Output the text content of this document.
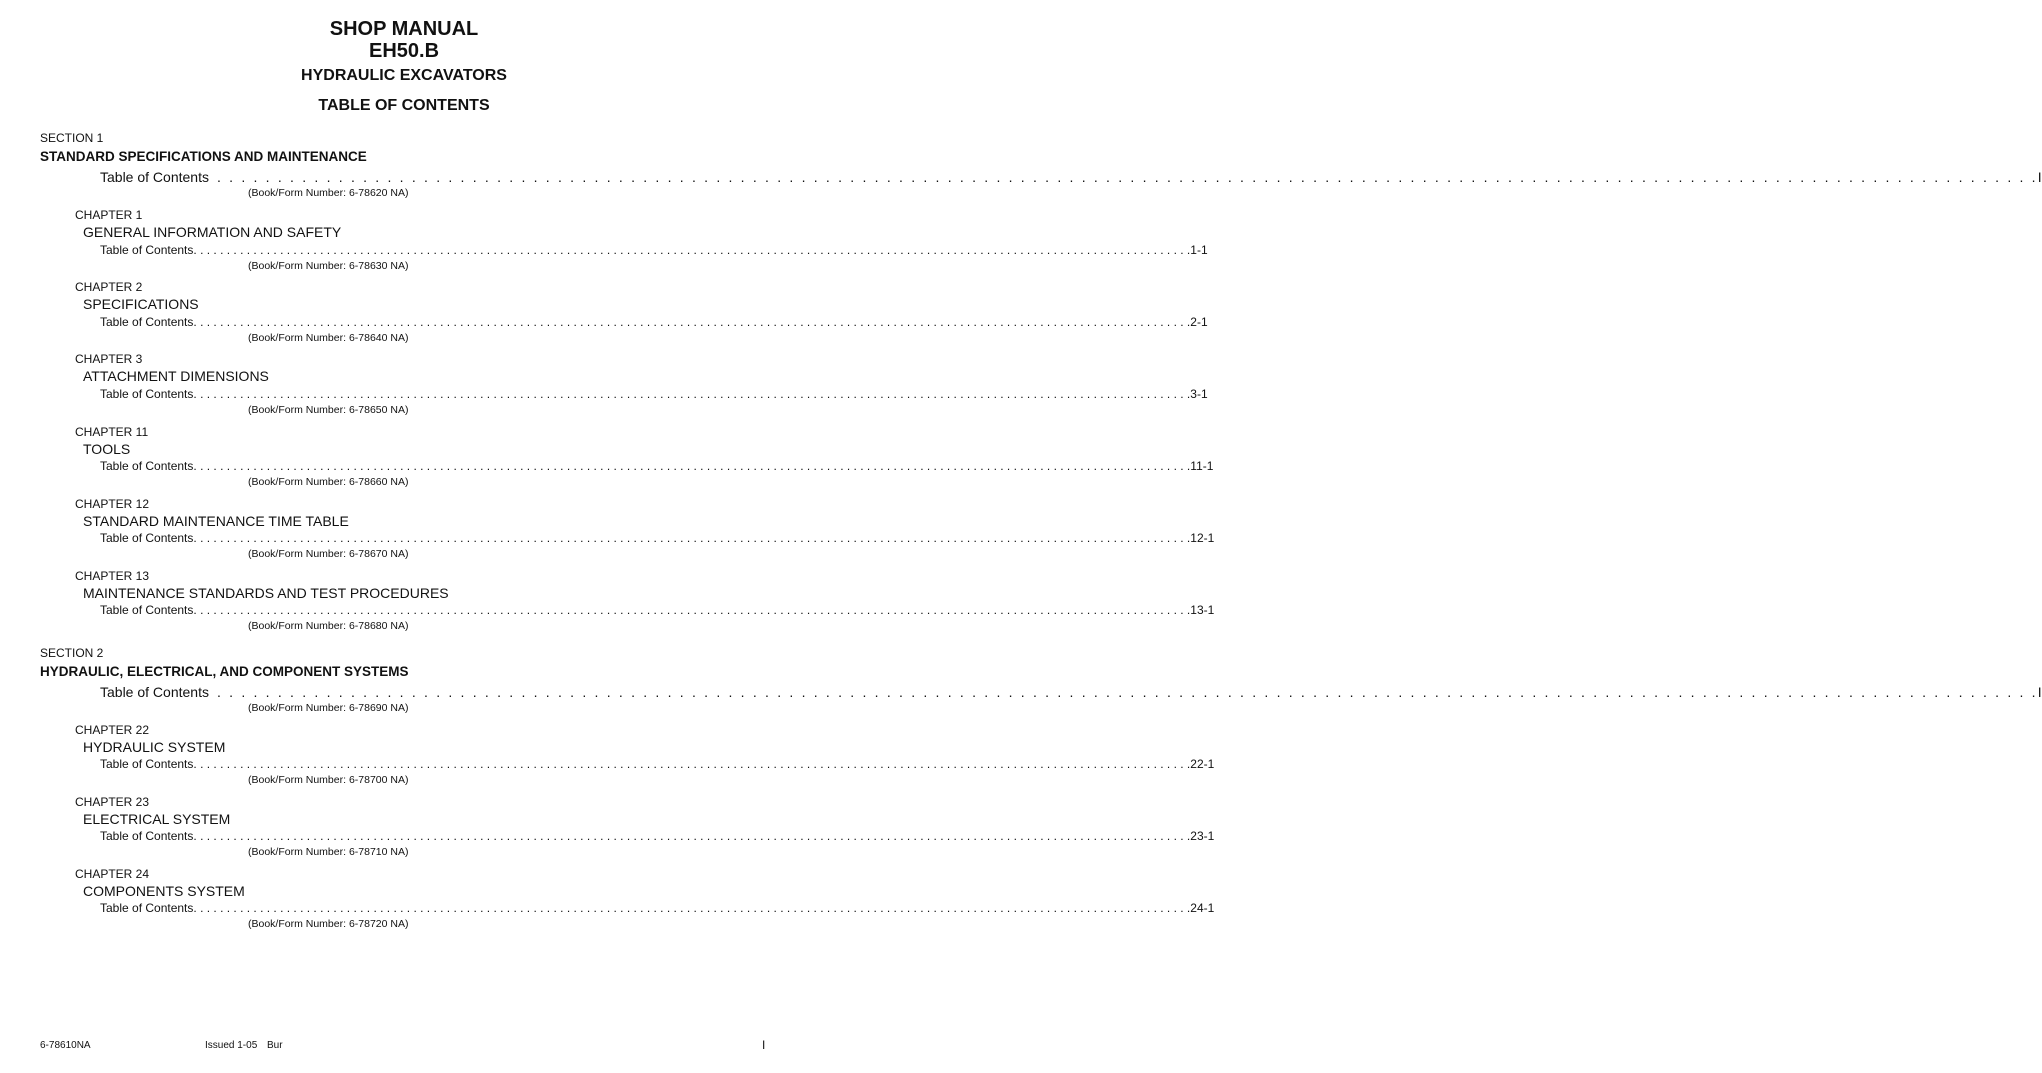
SHOP MANUAL
EH50.B
HYDRAULIC EXCAVATORS
TABLE OF CONTENTS
SECTION 1
STANDARD SPECIFICATIONS AND MAINTENANCE
Table of Contents . . . . . . . . . . . . . . . . . . . . . . . . . . . . . . . . . . . . . . . . . . . . . . . . . . . . . . . . . . . . . . . . . . . . . . . . . . . . . . . . . . . . . . . . . . . . . . . . . . . . . . . . . . . . . . . . . . . . . . . . . . . . . . . . . . . . . . . . . . . . . . . . . . . . . . I
(Book/Form Number: 6-78620 NA)
CHAPTER 1
GENERAL INFORMATION AND SAFETY
Table of Contents . . . . . . . . . . . . . . . . . . . . . . . . . . . . . . . . . . . . . . . . . . . . . . . . . . . . . . . . . . . . . . . . . . . . . . . . . . . . . . . . . . . . . . . . . . . . . . . . . . . . . . . . . . . . . . . . . . . . . . . . . . . . . . . . . . . . . . . . . . . . . . . . . . . . . . 1-1
(Book/Form Number: 6-78630 NA)
CHAPTER 2
SPECIFICATIONS
Table of Contents . . . . . . . . . . . . . . . . . . . . . . . . . . . . . . . . . . . . . . . . . . . . . . . . . . . . . . . . . . . . . . . . . . . . . . . . . . . . . . . . . . . . . . . . . . . . . . . . . . . . . . . . . . . . . . . . . . . . . . . . . . . . . . . . . . . . . . . . . . . . . . . . . . . . . . 2-1
(Book/Form Number: 6-78640 NA)
CHAPTER 3
ATTACHMENT DIMENSIONS
Table of Contents . . . . . . . . . . . . . . . . . . . . . . . . . . . . . . . . . . . . . . . . . . . . . . . . . . . . . . . . . . . . . . . . . . . . . . . . . . . . . . . . . . . . . . . . . . . . . . . . . . . . . . . . . . . . . . . . . . . . . . . . . . . . . . . . . . . . . . . . . . . . . . . . . . . . . . 3-1
(Book/Form Number: 6-78650 NA)
CHAPTER 11
TOOLS
Table of Contents . . . . . . . . . . . . . . . . . . . . . . . . . . . . . . . . . . . . . . . . . . . . . . . . . . . . . . . . . . . . . . . . . . . . . . . . . . . . . . . . . . . . . . . . . . . . . . . . . . . . . . . . . . . . . . . . . . . . . . . . . . . . . . . . . . . . . . . . . . . . . . . . . . . . . . 11-1
(Book/Form Number: 6-78660 NA)
CHAPTER 12
STANDARD MAINTENANCE TIME TABLE
Table of Contents . . . . . . . . . . . . . . . . . . . . . . . . . . . . . . . . . . . . . . . . . . . . . . . . . . . . . . . . . . . . . . . . . . . . . . . . . . . . . . . . . . . . . . . . . . . . . . . . . . . . . . . . . . . . . . . . . . . . . . . . . . . . . . . . . . . . . . . . . . . . . . . . . . . . . . 12-1
(Book/Form Number: 6-78670 NA)
CHAPTER 13
MAINTENANCE STANDARDS AND TEST PROCEDURES
Table of Contents . . . . . . . . . . . . . . . . . . . . . . . . . . . . . . . . . . . . . . . . . . . . . . . . . . . . . . . . . . . . . . . . . . . . . . . . . . . . . . . . . . . . . . . . . . . . . . . . . . . . . . . . . . . . . . . . . . . . . . . . . . . . . . . . . . . . . . . . . . . . . . . . . . . . . . 13-1
(Book/Form Number: 6-78680 NA)
SECTION 2
HYDRAULIC, ELECTRICAL, AND COMPONENT SYSTEMS
Table of Contents . . . . . . . . . . . . . . . . . . . . . . . . . . . . . . . . . . . . . . . . . . . . . . . . . . . . . . . . . . . . . . . . . . . . . . . . . . . . . . . . . . . . . . . . . . . . . . . . . . . . . . . . . . . . . . . . . . . . . . . . . . . . . . . . . . . . . . . . . . . . . . . . . . . . . . I
(Book/Form Number: 6-78690 NA)
CHAPTER 22
HYDRAULIC SYSTEM
Table of Contents . . . . . . . . . . . . . . . . . . . . . . . . . . . . . . . . . . . . . . . . . . . . . . . . . . . . . . . . . . . . . . . . . . . . . . . . . . . . . . . . . . . . . . . . . . . . . . . . . . . . . . . . . . . . . . . . . . . . . . . . . . . . . . . . . . . . . . . . . . . . . . . . . . . . . . 22-1
(Book/Form Number: 6-78700 NA)
CHAPTER 23
ELECTRICAL SYSTEM
Table of Contents . . . . . . . . . . . . . . . . . . . . . . . . . . . . . . . . . . . . . . . . . . . . . . . . . . . . . . . . . . . . . . . . . . . . . . . . . . . . . . . . . . . . . . . . . . . . . . . . . . . . . . . . . . . . . . . . . . . . . . . . . . . . . . . . . . . . . . . . . . . . . . . . . . . . . . 23-1
(Book/Form Number: 6-78710 NA)
CHAPTER 24
COMPONENTS SYSTEM
Table of Contents . . . . . . . . . . . . . . . . . . . . . . . . . . . . . . . . . . . . . . . . . . . . . . . . . . . . . . . . . . . . . . . . . . . . . . . . . . . . . . . . . . . . . . . . . . . . . . . . . . . . . . . . . . . . . . . . . . . . . . . . . . . . . . . . . . . . . . . . . . . . . . . . . . . . . . 24-1
(Book/Form Number: 6-78720 NA)
6-78610NA	Issued 1-05 Bur	I
